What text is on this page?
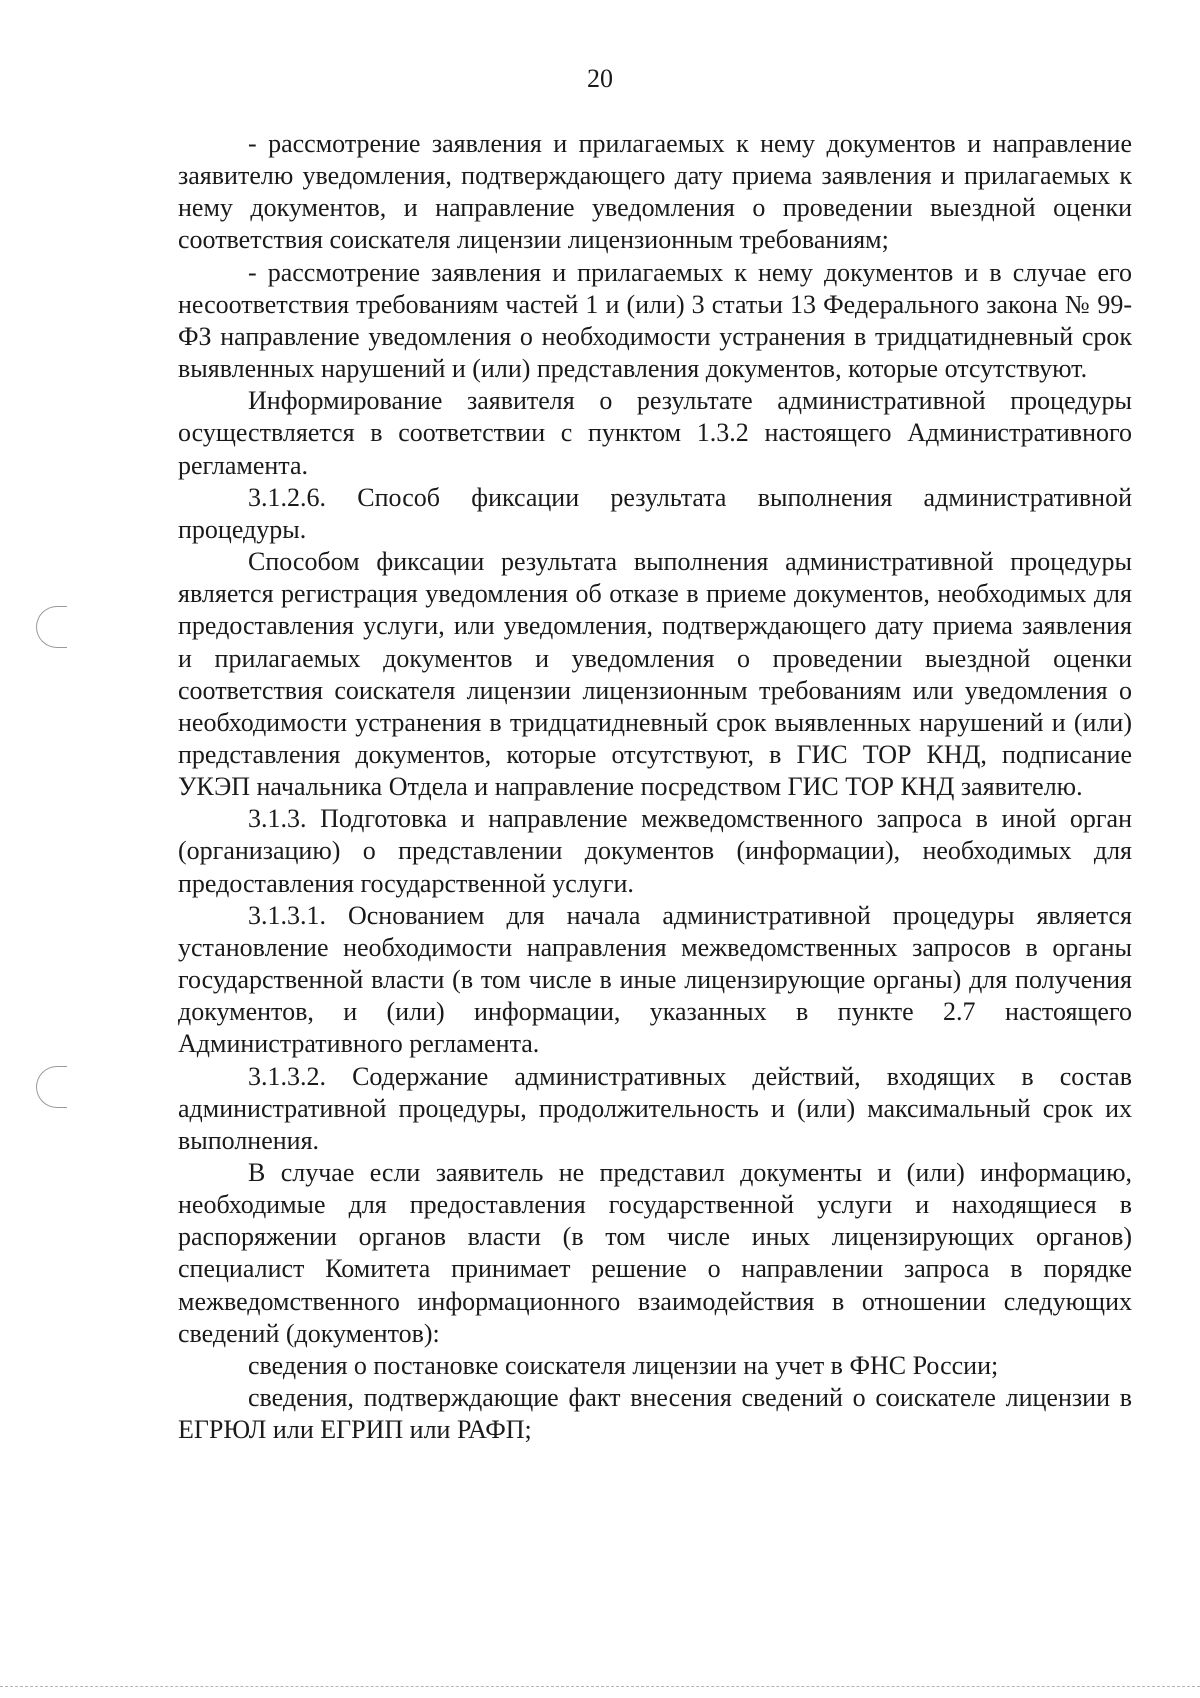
20

- рассмотрение заявления и прилагаемых к нему документов и направление заявителю уведомления, подтверждающего дату приема заявления и прилагаемых к нему документов, и направление уведомления о проведении выездной оценки соответствия соискателя лицензии лицензионным требованиям;

- рассмотрение заявления и прилагаемых к нему документов и в случае его несоответствия требованиям частей 1 и (или) 3 статьи 13 Федерального закона № 99-ФЗ направление уведомления о необходимости устранения в тридцатидневный срок выявленных нарушений и (или) представления документов, которые отсутствуют.

Информирование заявителя о результате административной процедуры осуществляется в соответствии с пунктом 1.3.2 настоящего Административного регламента.

3.1.2.6. Способ фиксации результата выполнения административной процедуры.

Способом фиксации результата выполнения административной процедуры является регистрация уведомления об отказе в приеме документов, необходимых для предоставления услуги, или уведомления, подтверждающего дату приема заявления и прилагаемых документов и уведомления о проведении выездной оценки соответствия соискателя лицензии лицензионным требованиям или уведомления о необходимости устранения в тридцатидневный срок выявленных нарушений и (или) представления документов, которые отсутствуют, в ГИС ТОР КНД, подписание УКЭП начальника Отдела и направление посредством ГИС ТОР КНД заявителю.

3.1.3. Подготовка и направление межведомственного запроса в иной орган (организацию) о представлении документов (информации), необходимых для предоставления государственной услуги.

3.1.3.1. Основанием для начала административной процедуры является установление необходимости направления межведомственных запросов в органы государственной власти (в том числе в иные лицензирующие органы) для получения документов, и (или) информации, указанных в пункте 2.7 настоящего Административного регламента.

3.1.3.2. Содержание административных действий, входящих в состав административной процедуры, продолжительность и (или) максимальный срок их выполнения.

В случае если заявитель не представил документы и (или) информацию, необходимые для предоставления государственной услуги и находящиеся в распоряжении органов власти (в том числе иных лицензирующих органов) специалист Комитета принимает решение о направлении запроса в порядке межведомственного информационного взаимодействия в отношении следующих сведений (документов):

сведения о постановке соискателя лицензии на учет в ФНС России;

сведения, подтверждающие факт внесения сведений о соискателе лицензии в ЕГРЮЛ или ЕГРИП или РАФП;
